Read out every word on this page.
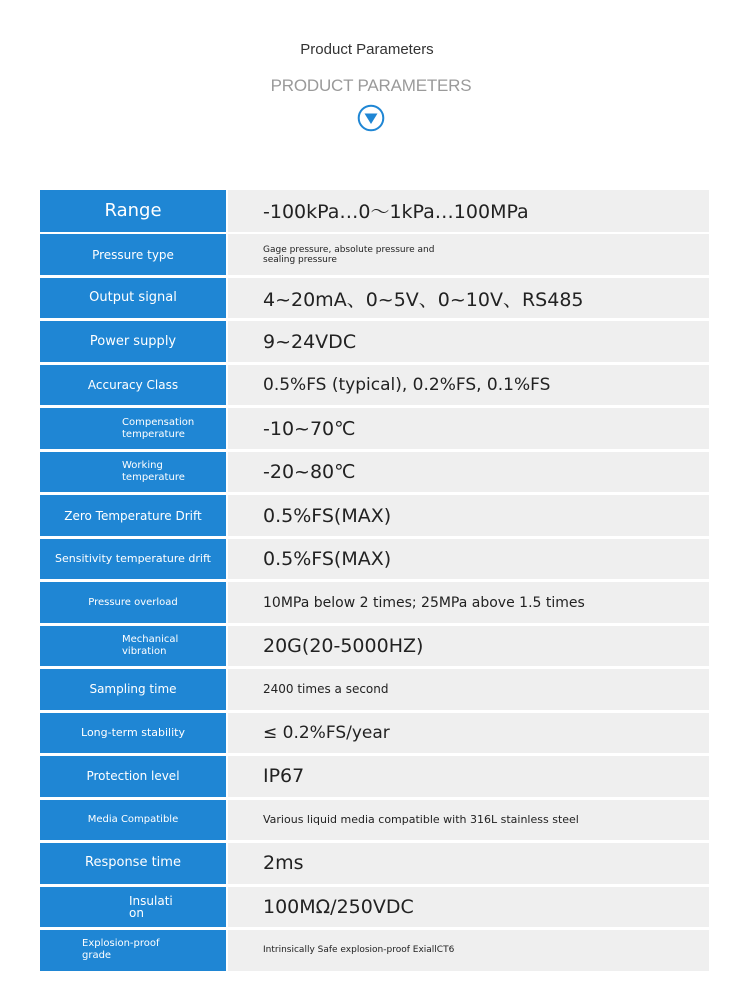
Product Parameters
PRODUCT PARAMETERS
Range	-100kPa…0～1kPa…100MPa
Pressure type	Gage pressure, absolute pressure and sealing pressure
Output signal	4~20mA、0~5V、0~10V、RS485
Power supply	9~24VDC
Accuracy Class	0.5%FS (typical), 0.2%FS, 0.1%FS
Compensation temperature	-10~70℃
Working temperature	-20~80℃
Zero Temperature Drift	0.5%FS(MAX)
Sensitivity temperature drift	0.5%FS(MAX)
Pressure overload	10MPa below 2 times; 25MPa above 1.5 times
Mechanical vibration	20G(20-5000HZ)
Sampling time	2400 times a second
Long-term stability	≤ 0.2%FS/year
Protection level	IP67
Media Compatible	Various liquid media compatible with 316L stainless steel
Response time	2ms
Insulation	100MΩ/250VDC
Explosion-proof grade	Intrinsically Safe explosion-proof ExiallCT6
